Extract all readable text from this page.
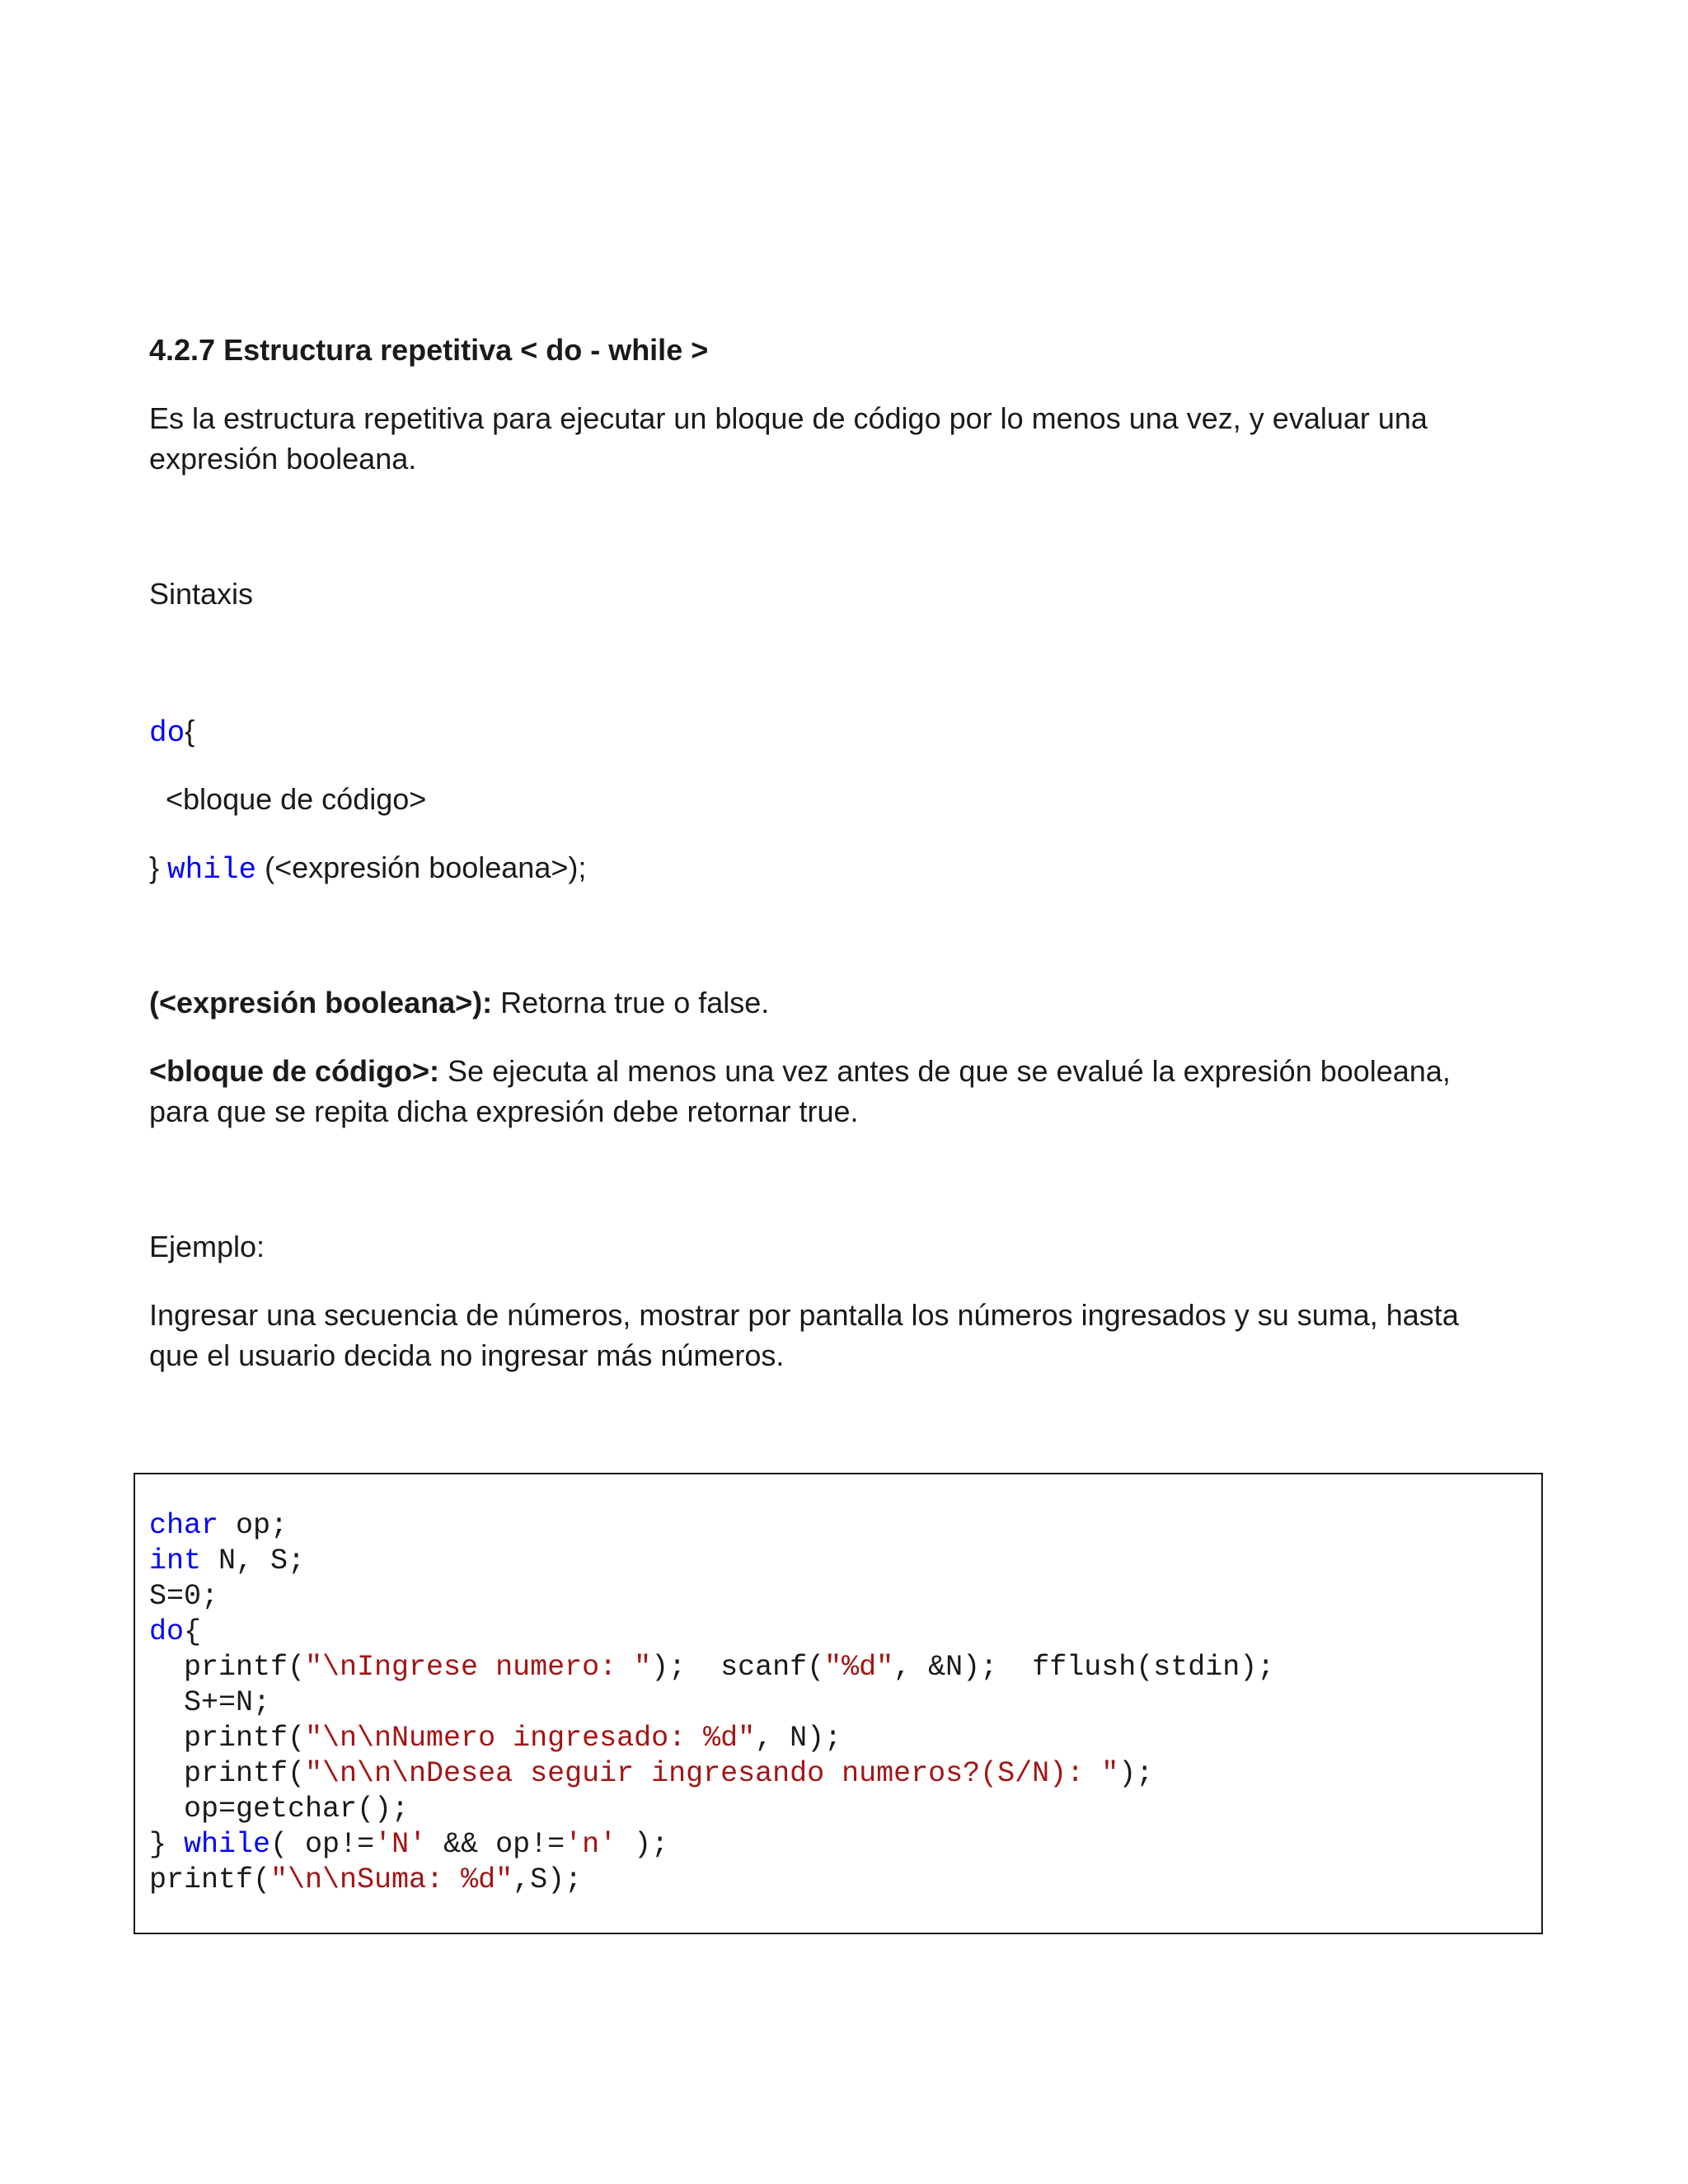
4.2.7 Estructura repetitiva < do - while >

Es la estructura repetitiva para ejecutar un bloque de código por lo menos una vez, y evaluar una

expresión booleana.

Sintaxis

do{

<bloque de código>

} while (<expresión booleana>);

(<expresión booleana>): Retorna true o false.

<bloque de código>: Se ejecuta al menos una vez antes de que se evalué la expresión booleana,

para que se repita dicha expresión debe retornar true.

Ejemplo:

Ingresar una secuencia de números, mostrar por pantalla los números ingresados y su suma, hasta

que el usuario decida no ingresar más números.

char op;

int N, S;

S=0;

do{

printf("\nIngrese numero: ");  scanf("%d", &N);  fflush(stdin);

S+=N;

printf("\n\nNumero ingresado: %d", N);

printf("\n\n\nDesea seguir ingresando numeros?(S/N): ");

op=getchar();

} while( op!='N' && op!='n' );

printf("\n\nSuma: %d",S);
